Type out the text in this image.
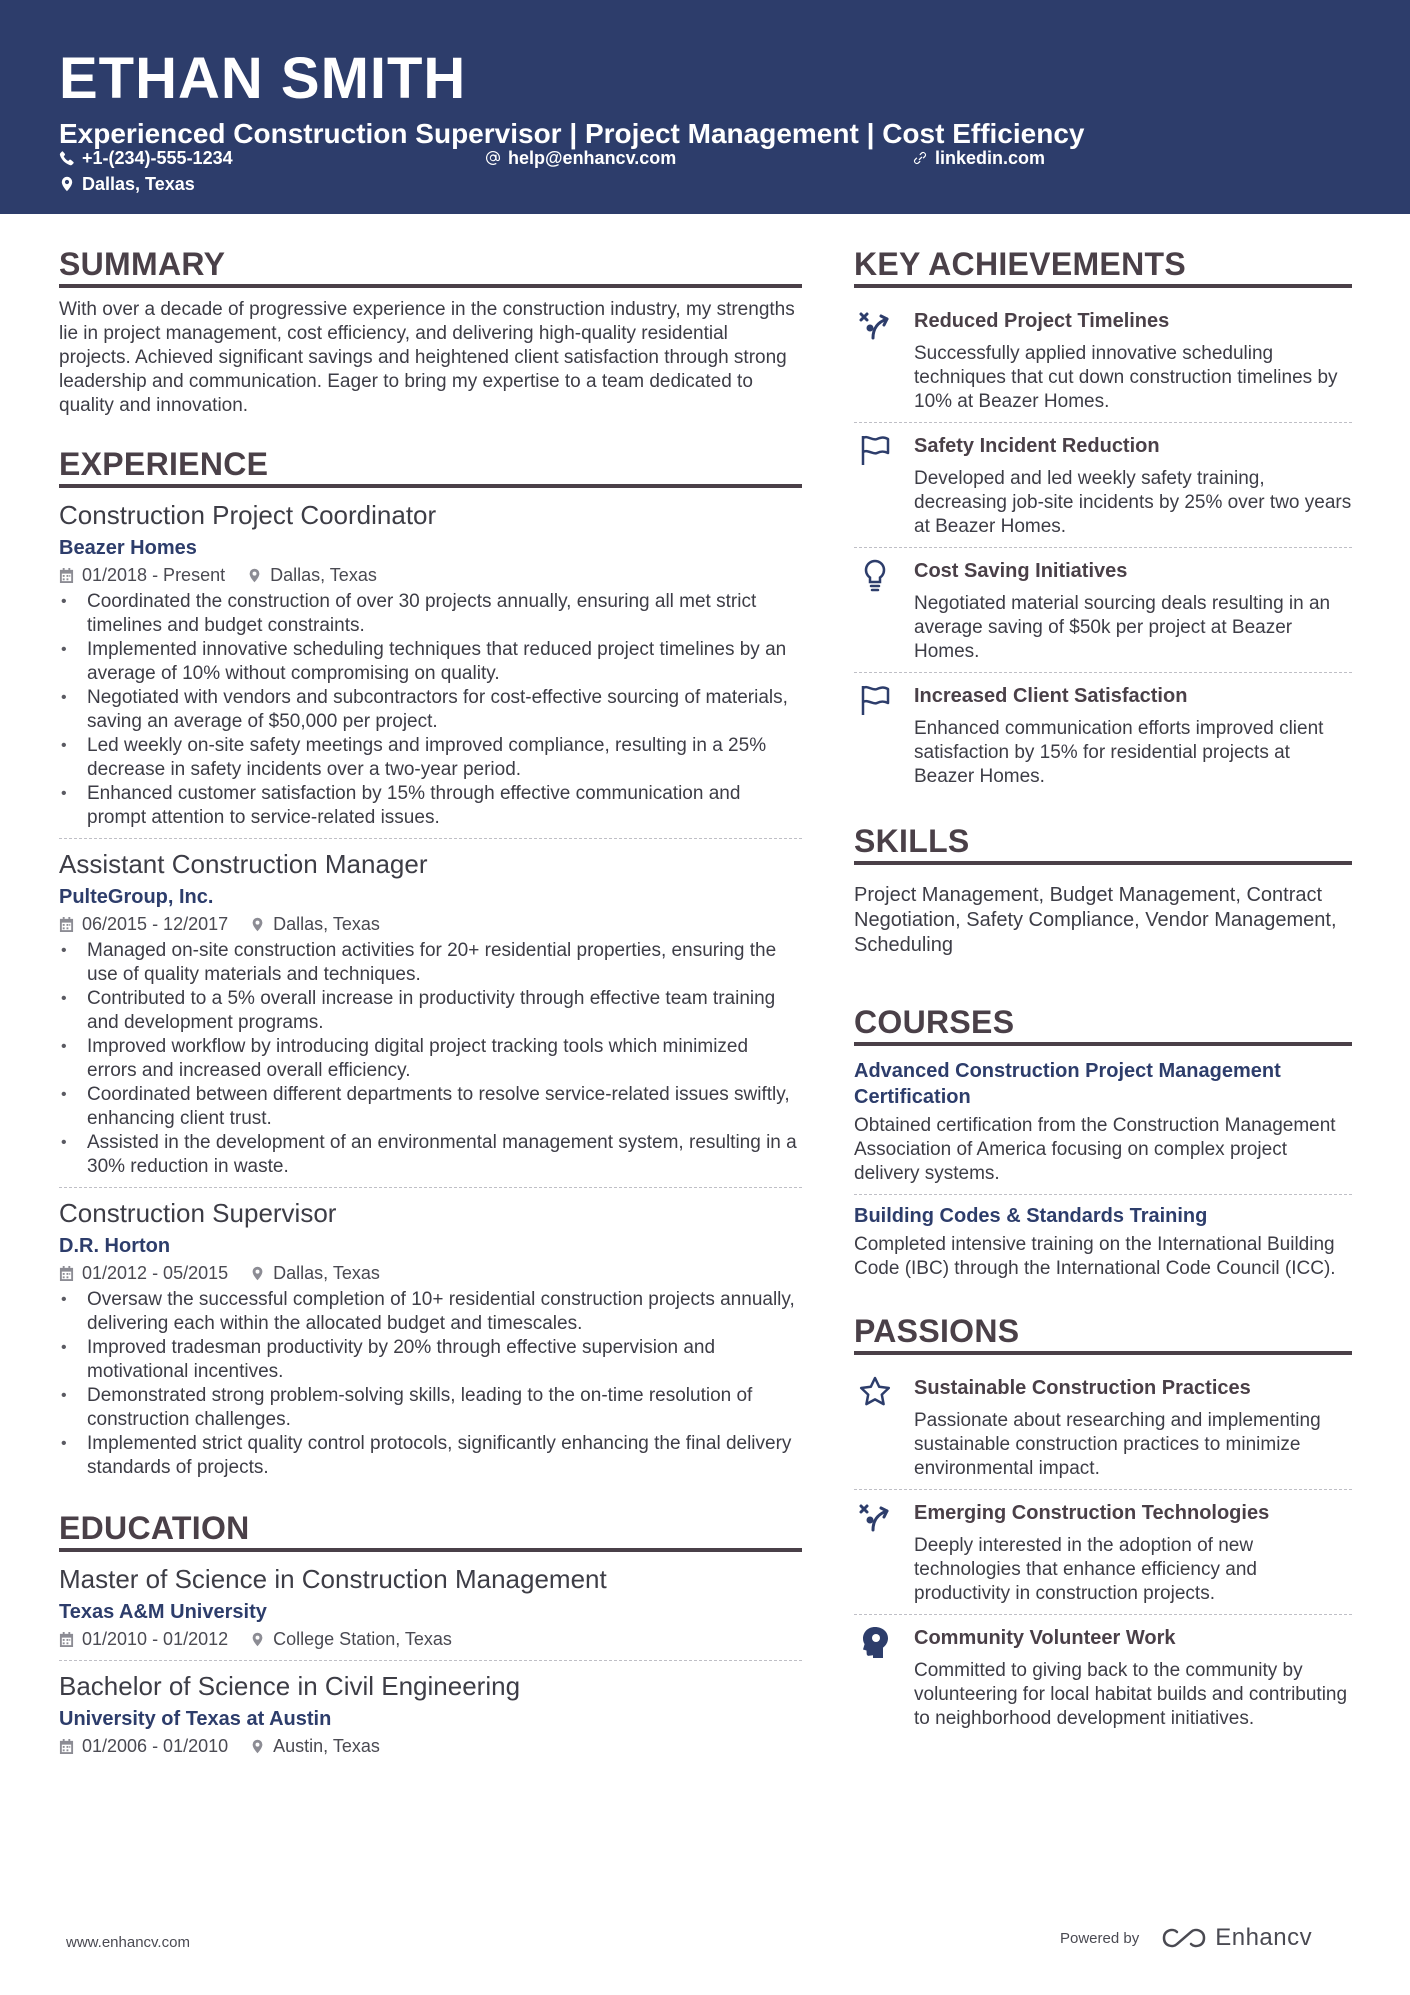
ETHAN SMITH
Experienced Construction Supervisor | Project Management | Cost Efficiency
+1-(234)-555-1234	help@enhancv.com	linkedin.com
Dallas, Texas
SUMMARY
With over a decade of progressive experience in the construction industry, my strengths lie in project management, cost efficiency, and delivering high-quality residential projects. Achieved significant savings and heightened client satisfaction through strong leadership and communication. Eager to bring my expertise to a team dedicated to quality and innovation.
EXPERIENCE
Construction Project Coordinator
Beazer Homes
01/2018 - Present	Dallas, Texas
• Coordinated the construction of over 30 projects annually, ensuring all met strict timelines and budget constraints.
• Implemented innovative scheduling techniques that reduced project timelines by an average of 10% without compromising on quality.
• Negotiated with vendors and subcontractors for cost-effective sourcing of materials, saving an average of $50,000 per project.
• Led weekly on-site safety meetings and improved compliance, resulting in a 25% decrease in safety incidents over a two-year period.
• Enhanced customer satisfaction by 15% through effective communication and prompt attention to service-related issues.
Assistant Construction Manager
PulteGroup, Inc.
06/2015 - 12/2017	Dallas, Texas
• Managed on-site construction activities for 20+ residential properties, ensuring the use of quality materials and techniques.
• Contributed to a 5% overall increase in productivity through effective team training and development programs.
• Improved workflow by introducing digital project tracking tools which minimized errors and increased overall efficiency.
• Coordinated between different departments to resolve service-related issues swiftly, enhancing client trust.
• Assisted in the development of an environmental management system, resulting in a 30% reduction in waste.
Construction Supervisor
D.R. Horton
01/2012 - 05/2015	Dallas, Texas
• Oversaw the successful completion of 10+ residential construction projects annually, delivering each within the allocated budget and timescales.
• Improved tradesman productivity by 20% through effective supervision and motivational incentives.
• Demonstrated strong problem-solving skills, leading to the on-time resolution of construction challenges.
• Implemented strict quality control protocols, significantly enhancing the final delivery standards of projects.
EDUCATION
Master of Science in Construction Management
Texas A&M University
01/2010 - 01/2012	College Station, Texas
Bachelor of Science in Civil Engineering
University of Texas at Austin
01/2006 - 01/2010	Austin, Texas
KEY ACHIEVEMENTS
Reduced Project Timelines
Successfully applied innovative scheduling techniques that cut down construction timelines by 10% at Beazer Homes.
Safety Incident Reduction
Developed and led weekly safety training, decreasing job-site incidents by 25% over two years at Beazer Homes.
Cost Saving Initiatives
Negotiated material sourcing deals resulting in an average saving of $50k per project at Beazer Homes.
Increased Client Satisfaction
Enhanced communication efforts improved client satisfaction by 15% for residential projects at Beazer Homes.
SKILLS
Project Management, Budget Management, Contract Negotiation, Safety Compliance, Vendor Management, Scheduling
COURSES
Advanced Construction Project Management Certification
Obtained certification from the Construction Management Association of America focusing on complex project delivery systems.
Building Codes & Standards Training
Completed intensive training on the International Building Code (IBC) through the International Code Council (ICC).
PASSIONS
Sustainable Construction Practices
Passionate about researching and implementing sustainable construction practices to minimize environmental impact.
Emerging Construction Technologies
Deeply interested in the adoption of new technologies that enhance efficiency and productivity in construction projects.
Community Volunteer Work
Committed to giving back to the community by volunteering for local habitat builds and contributing to neighborhood development initiatives.
www.enhancv.com	Powered by	Enhancv
